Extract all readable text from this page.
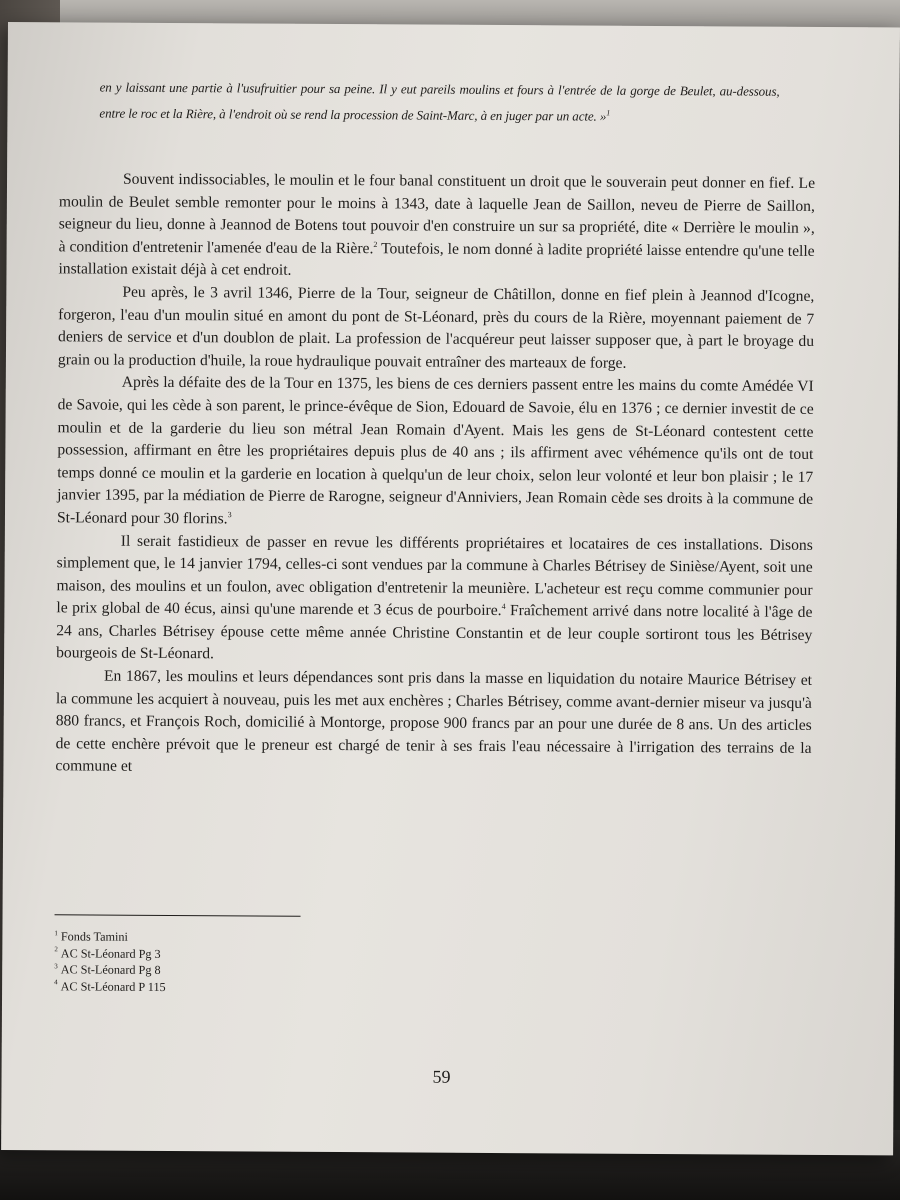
en y laissant une partie à l'usufruitier pour sa peine. Il y eut pareils moulins et fours à l'entrée de la gorge de Beulet, au-dessous, entre le roc et la Rière, à l'endroit où se rend la procession de Saint-Marc, à en juger par un acte. »$^1$

Souvent indissociables, le moulin et le four banal constituent un droit que le souverain peut donner en fief. Le moulin de Beulet semble remonter pour le moins à 1343, date à laquelle Jean de Saillon, neveu de Pierre de Saillon, seigneur du lieu, donne à Jeannod de Botens tout pouvoir d'en construire un sur sa propriété, dite « Derrière le moulin », à condition d'entretenir l'amenée d'eau de la Rière.$^2$ Toutefois, le nom donné à ladite propriété laisse entendre qu'une telle installation existait déjà à cet endroit.

Peu après, le 3 avril 1346, Pierre de la Tour, seigneur de Châtillon, donne en fief plein à Jeannod d'Icogne, forgeron, l'eau d'un moulin situé en amont du pont de St-Léonard, près du cours de la Rière, moyennant paiement de 7 deniers de service et d'un doublon de plait. La profession de l'acquéreur peut laisser supposer que, à part le broyage du grain ou la production d'huile, la roue hydraulique pouvait entraîner des marteaux de forge.

Après la défaite des de la Tour en 1375, les biens de ces derniers passent entre les mains du comte Amédée VI de Savoie, qui les cède à son parent, le prince-évêque de Sion, Edouard de Savoie, élu en 1376 ; ce dernier investit de ce moulin et de la garderie du lieu son métral Jean Romain d'Ayent. Mais les gens de St-Léonard contestent cette possession, affirmant en être les propriétaires depuis plus de 40 ans ; ils affirment avec véhémence qu'ils ont de tout temps donné ce moulin et la garderie en location à quelqu'un de leur choix, selon leur volonté et leur bon plaisir ; le 17 janvier 1395, par la médiation de Pierre de Rarogne, seigneur d'Anniviers, Jean Romain cède ses droits à la commune de St-Léonard pour 30 florins.$^3$

Il serait fastidieux de passer en revue les différents propriétaires et locataires de ces installations. Disons simplement que, le 14 janvier 1794, celles-ci sont vendues par la commune à Charles Bétrisey de Sinièse/Ayent, soit une maison, des moulins et un foulon, avec obligation d'entretenir la meunière. L'acheteur est reçu comme communier pour le prix global de 40 écus, ainsi qu'une marende et 3 écus de pourboire.$^4$ Fraîchement arrivé dans notre localité à l'âge de 24 ans, Charles Bétrisey épouse cette même année Christine Constantin et de leur couple sortiront tous les Bétrisey bourgeois de St-Léonard.

En 1867, les moulins et leurs dépendances sont pris dans la masse en liquidation du notaire Maurice Bétrisey et la commune les acquiert à nouveau, puis les met aux enchères ; Charles Bétrisey, comme avant-dernier miseur va jusqu'à 880 francs, et François Roch, domicilié à Montorge, propose 900 francs par an pour une durée de 8 ans. Un des articles de cette enchère prévoit que le preneur est chargé de tenir à ses frais l'eau nécessaire à l'irrigation des terrains de la commune et

$^1$ Fonds Tamini
$^2$ AC St-Léonard Pg 3
$^3$ AC St-Léonard Pg 8
$^4$ AC St-Léonard P 115
59
